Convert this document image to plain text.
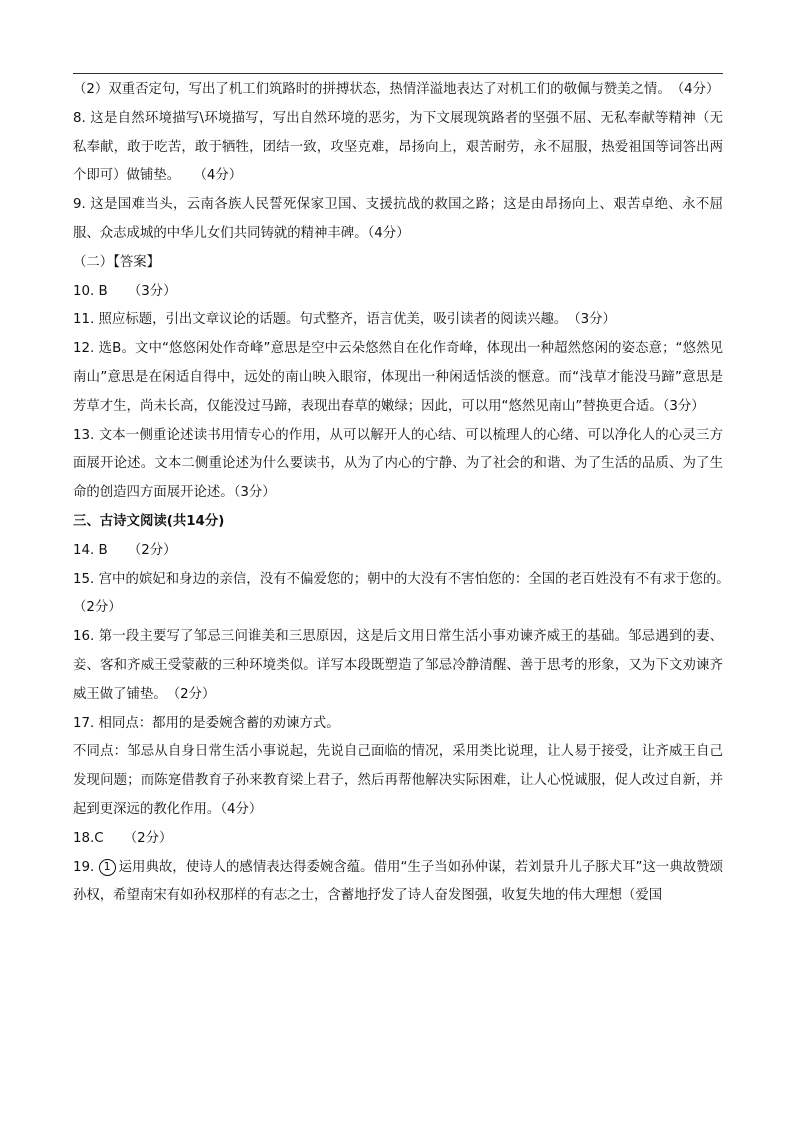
（2）双重否定句，写出了机工们筑路时的拼搏状态，热情洋溢地表达了对机工们的敬佩与赞美之情。　（4分）

8. 这是自然环境描写\环境描写，写出自然环境的恶劣，为下文展现筑路者的坚强不屈、无私奉献等精神（无私奉献，敢于吃苦，敢于牺牲，团结一致，攻坚克难，昂扬向上，艰苦耐劳，永不屈服，热爱祖国等词答出两个即可）做铺垫。　　（4分）

9. 这是国难当头，云南各族人民誓死保家卫国、支援抗战的救国之路；这是由昂扬向上、艰苦卓绝、永不屈服、众志成城的中华儿女们共同铸就的精神丰碑。（4分）

（二）【答案】

10. B　　（3分）

11. 照应标题，引出文章议论的话题。句式整齐，语言优美，吸引读者的阅读兴趣。　（3分）

12. 选B。文中“悠悠闲处作奇峰”意思是空中云朵悠然自在化作奇峰，体现出一种超然悠闲的姿态意；“悠然见南山”意思是在闲适自得中，远处的南山映入眼帘，体现出一种闲适恬淡的惬意。而“浅草才能没马蹄”意思是芳草才生，尚未长高，仅能没过马蹄，表现出春草的嫩绿；因此，可以用“悠然见南山”替换更合适。（3分）

13. 文本一侧重论述读书用情专心的作用，从可以解开人的心结、可以梳理人的心绪、可以净化人的心灵三方面展开论述。文本二侧重论述为什么要读书，从为了内心的宁静、为了社会的和谐、为了生活的品质、为了生命的创造四方面展开论述。（3分）

三、古诗文阅读(共14分)

14. B　　（2分）

15. 宫中的嫔妃和身边的亲信，没有不偏爱您的；朝中的大没有不害怕您的：全国的老百姓没有不有求于您的。　（2分）

16. 第一段主要写了邹忌三问谁美和三思原因，这是后文用日常生活小事劝谏齐威王的基础。邹忌遇到的妻、妾、客和齐威王受蒙蔽的三种环境类似。详写本段既塑造了邹忌冷静清醒、善于思考的形象，又为下文劝谏齐威王做了铺垫。　（2分）

17. 相同点：都用的是委婉含蓄的劝谏方式。

不同点：邹忌从自身日常生活小事说起，先说自己面临的情况，采用类比说理，让人易于接受，让齐威王自己发现问题；而陈寔借教育子孙来教育梁上君子，然后再帮他解决实际困难，让人心悦诚服，促人改过自新，并起到更深远的教化作用。（4分）

18.C　　（2分）

19. 1 运用典故，使诗人的感情表达得委婉含蕴。借用“生子当如孙仲谋，若刘景升儿子豚犬耳”这一典故赞颂孙权，希望南宋有如孙权那样的有志之士，含蓄地抒发了诗人奋发图强，收复失地的伟大理想（爱国
